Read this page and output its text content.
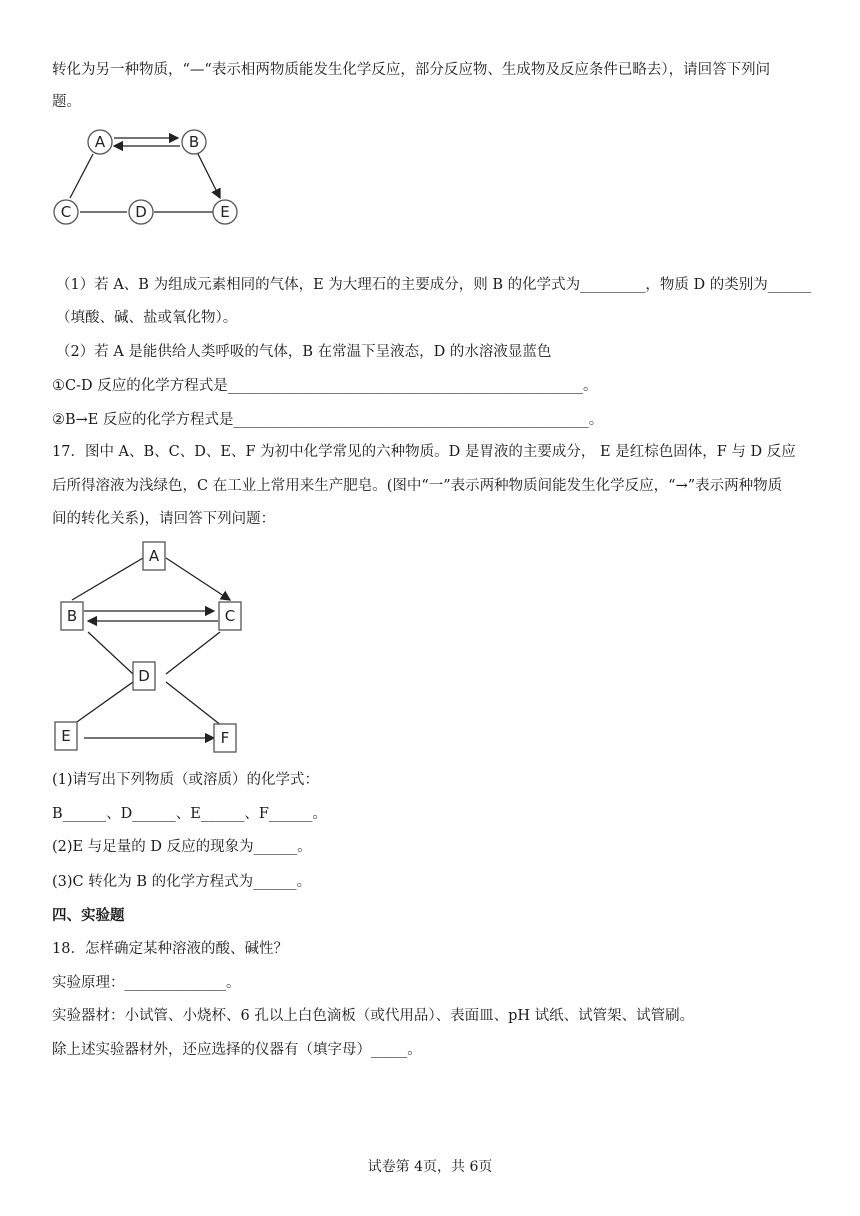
转化为另一种物质，“—“表示相两物质能发生化学反应，部分反应物、生成物及反应条件已略去），请回答下列问
题。
A	B
C	D	E
（1）若 A、B 为组成元素相同的气体，E 为大理石的主要成分，则 B 的化学式为_________，物质 D 的类别为______
（填酸、碱、盐或氧化物）。
（2）若 A 是能供给人类呼吸的气体，B 在常温下呈液态，D 的水溶液显蓝色
①C-D 反应的化学方程式是_________________________________________________。
②B→E 反应的化学方程式是_________________________________________________。
17．图中 A、B、C、D、E、F 为初中化学常见的六种物质。D 是胃液的主要成分， E 是红棕色固体，F 与 D 反应
后所得溶液为浅绿色，C 在工业上常用来生产肥皂。(图中“一”表示两种物质间能发生化学反应，“→”表示两种物质
间的转化关系)，请回答下列问题：
A
B	C
D
E	F
(1)请写出下列物质（或溶质）的化学式：
B______、D______、E______、F______。
(2)E 与足量的 D 反应的现象为______。
(3)C 转化为 B 的化学方程式为______。
四、实验题
18．怎样确定某种溶液的酸、碱性？
实验原理：______________。
实验器材：小试管、小烧杯、6 孔以上白色滴板（或代用品）、表面皿、pH 试纸、试管架、试管刷。
除上述实验器材外，还应选择的仪器有（填字母）_____。
试卷第 4页，共 6页
